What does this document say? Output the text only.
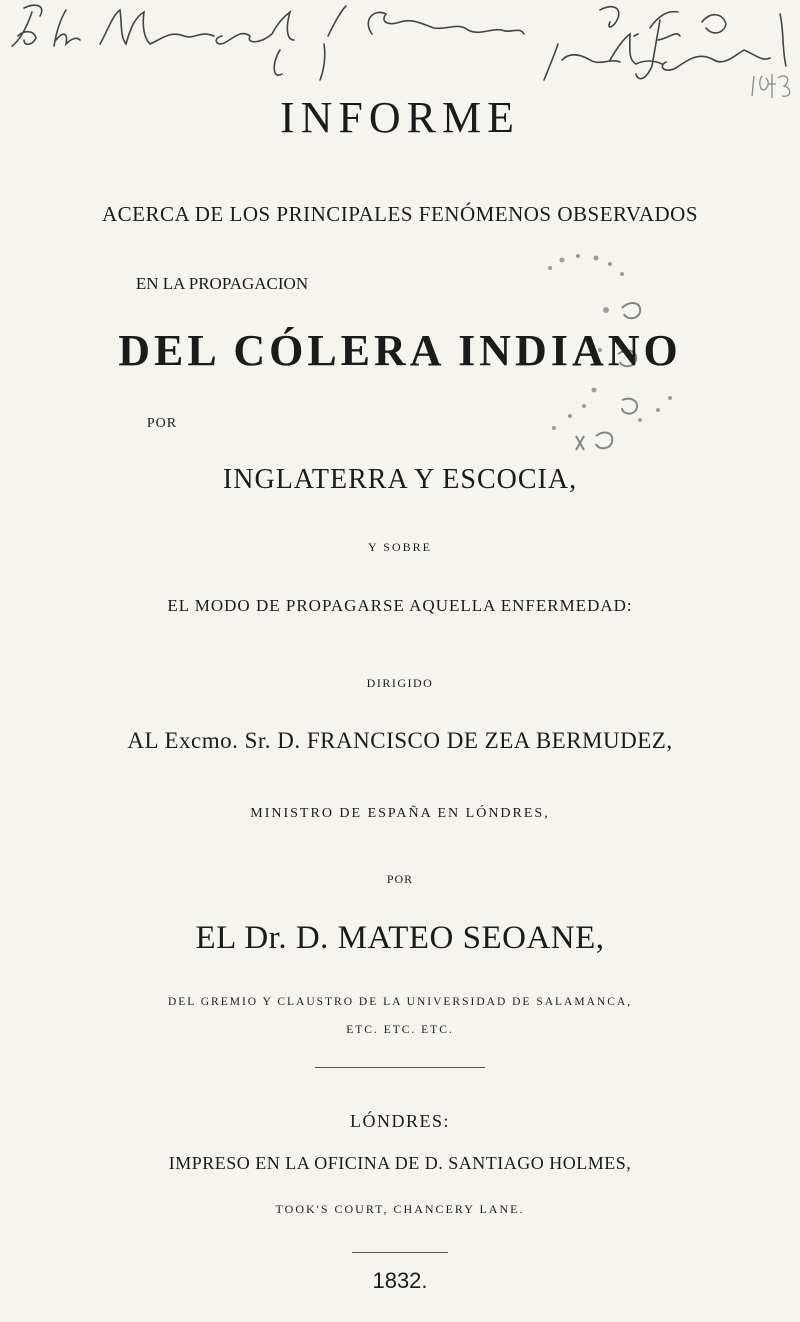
INFORME
ACERCA DE LOS PRINCIPALES FENÓMENOS OBSERVADOS
EN LA PROPAGACION
DEL CÓLERA INDIANO
POR
INGLATERRA Y ESCOCIA,
Y SOBRE
EL MODO DE PROPAGARSE AQUELLA ENFERMEDAD:
DIRIGIDO
AL Excmo. Sr. D. FRANCISCO DE ZEA BERMUDEZ,
MINISTRO DE ESPAÑA EN LÓNDRES,
POR
EL Dr. D. MATEO SEOANE,
DEL GREMIO Y CLAUSTRO DE LA UNIVERSIDAD DE SALAMANCA,
ETC. ETC. ETC.
LÓNDRES:
IMPRESO EN LA OFICINA DE D. SANTIAGO HOLMES,
TOOK'S COURT, CHANCERY LANE.
1832.
